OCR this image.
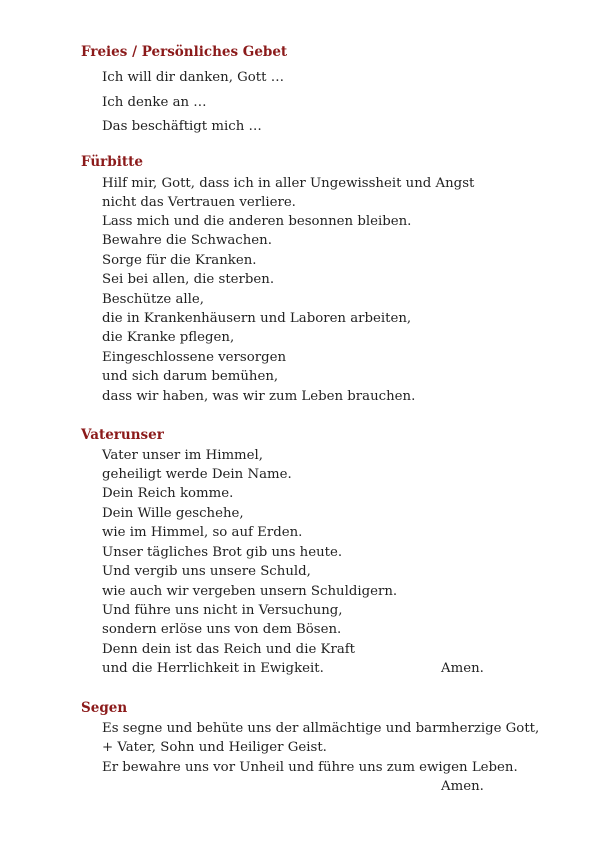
Freies / Persönliches Gebet
Ich will dir danken, Gott …
Ich denke an …
Das beschäftigt mich …
Fürbitte
Hilf mir, Gott, dass ich in aller Ungewissheit und Angst
nicht das Vertrauen verliere.
Lass mich und die anderen besonnen bleiben.
Bewahre die Schwachen.
Sorge für die Kranken.
Sei bei allen, die sterben.
Beschütze alle,
die in Krankenhäusern und Laboren arbeiten,
die Kranke pflegen,
Eingeschlossene versorgen
und sich darum bemühen,
dass wir haben, was wir zum Leben brauchen.
Vaterunser
Vater unser im Himmel,
geheiligt werde Dein Name.
Dein Reich komme.
Dein Wille geschehe,
wie im Himmel, so auf Erden.
Unser tägliches Brot gib uns heute.
Und vergib uns unsere Schuld,
wie auch wir vergeben unsern Schuldigern.
Und führe uns nicht in Versuchung,
sondern erlöse uns von dem Bösen.
Denn dein ist das Reich und die Kraft
und die Herrlichkeit in Ewigkeit.	Amen.
Segen
Es segne und behüte uns der allmächtige und barmherzige Gott,
+ Vater, Sohn und Heiliger Geist.
Er bewahre uns vor Unheil und führe uns zum ewigen Leben.
Amen.
